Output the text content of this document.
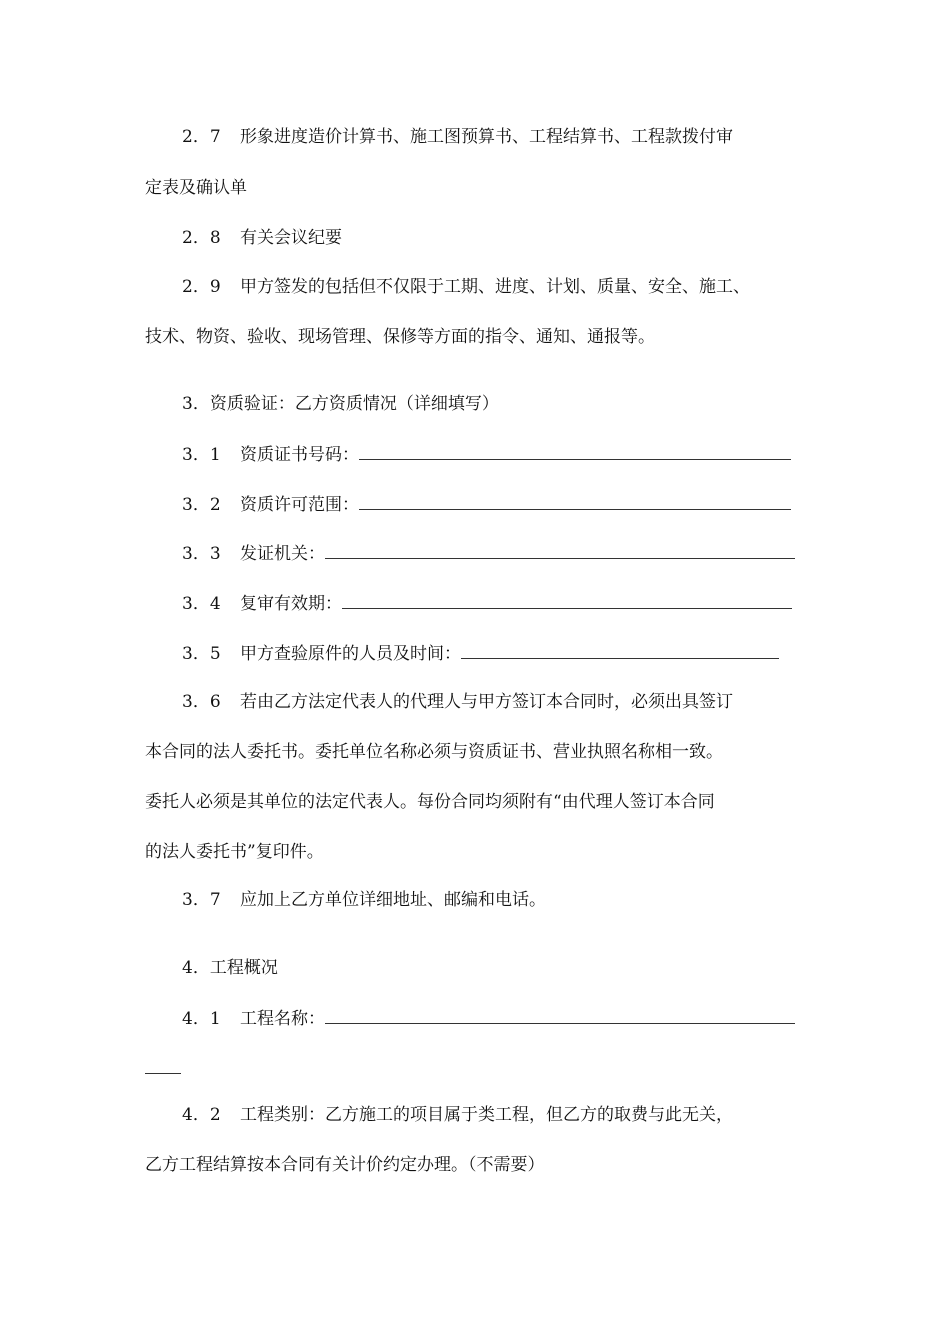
2．7 形象进度造价计算书、施工图预算书、工程结算书、工程款拨付审
定表及确认单
2．8 有关会议纪要
2．9 甲方签发的包括但不仅限于工期、进度、计划、质量、安全、施工、
技术、物资、验收、现场管理、保修等方面的指令、通知、通报等。
3．资质验证：乙方资质情况（详细填写）
3．1 资质证书号码：
3．2 资质许可范围：
3．3 发证机关：
3．4 复审有效期：
3．5 甲方查验原件的人员及时间：
3．6 若由乙方法定代表人的代理人与甲方签订本合同时，必须出具签订
本合同的法人委托书。委托单位名称必须与资质证书、营业执照名称相一致。
委托人必须是其单位的法定代表人。每份合同均须附有“由代理人签订本合同
的法人委托书”复印件。
3．7 应加上乙方单位详细地址、邮编和电话。
4．工程概况
4．1 工程名称：
4．2 工程类别：乙方施工的项目属于类工程，但乙方的取费与此无关，
乙方工程结算按本合同有关计价约定办理。（不需要）
